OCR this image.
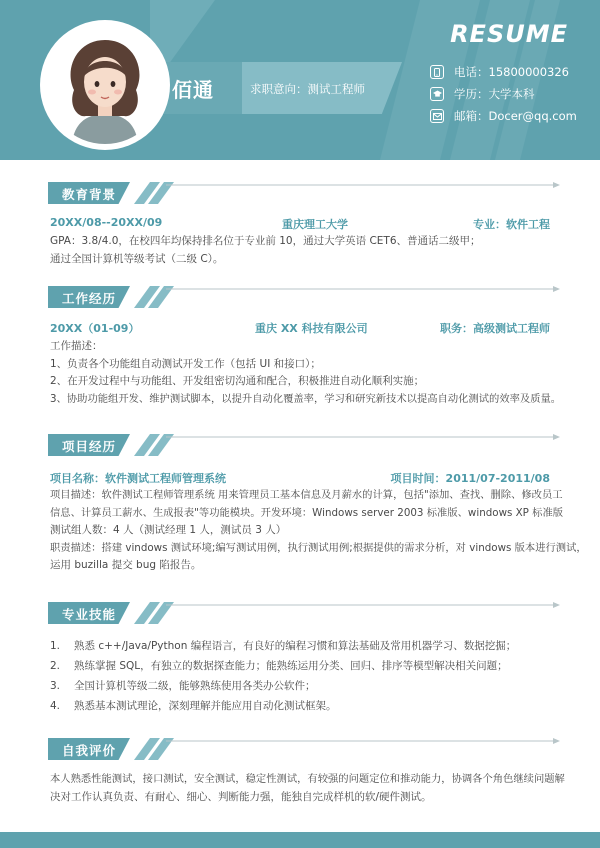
RESUME
佰通	求职意向：测试工程师
电话：15800000326
学历：大学本科
邮箱：Docer@qq.com
教育背景
20XX/08--20XX/09	重庆理工大学	专业：软件工程

GPA：3.8/4.0，在校四年均保持排名位于专业前 10，通过大学英语 CET6、普通话二级甲；

通过全国计算机等级考试（二级 C）。

工作经历
20XX（01-09）	重庆 XX 科技有限公司	职务：高级测试工程师

工作描述：

1、负责各个功能组自动测试开发工作（包括 UI 和接口）；

2、在开发过程中与功能组、开发组密切沟通和配合，积极推进自动化顺利实施；

3、协助功能组开发、维护测试脚本，以提升自动化覆盖率，学习和研究新技术以提高自动化测试的效率及质量。

项目经历
项目名称：软件测试工程师管理系统	项目时间：2011/07-2011/08

项目描述：软件测试工程师管理系统 用来管理员工基本信息及月薪水的计算，包括"添加、查找、删除、修改员工

信息、计算员工薪水、生成报表"等功能模块。开发环境：Windows server 2003 标准版、windows XP 标准版

测试组人数：4 人（测试经理 1 人，测试员 3 人）

职责描述：搭建 vindows 测试环境;编写测试用例，执行测试用例;根据提供的需求分析，对 vindows 版本进行测试，

运用 buzilla 提交 bug 陷报告。

专业技能
1.	熟悉 c++/Java/Python 编程语言，有良好的编程习惯和算法基础及常用机器学习、数据挖掘；
2.	熟练掌握 SQL，有独立的数据探查能力；能熟练运用分类、回归、排序等模型解决相关问题；
3.	全国计算机等级二级，能够熟练使用各类办公软件；
4.	熟悉基本测试理论，深刻理解并能应用自动化测试框架。
自我评价

本人熟悉性能测试，接口测试，安全测试，稳定性测试，有较强的问题定位和推动能力，协调各个角色继续问题解

决对工作认真负责、有耐心、细心、判断能力强，能独自完成样机的软/硬件测试。
